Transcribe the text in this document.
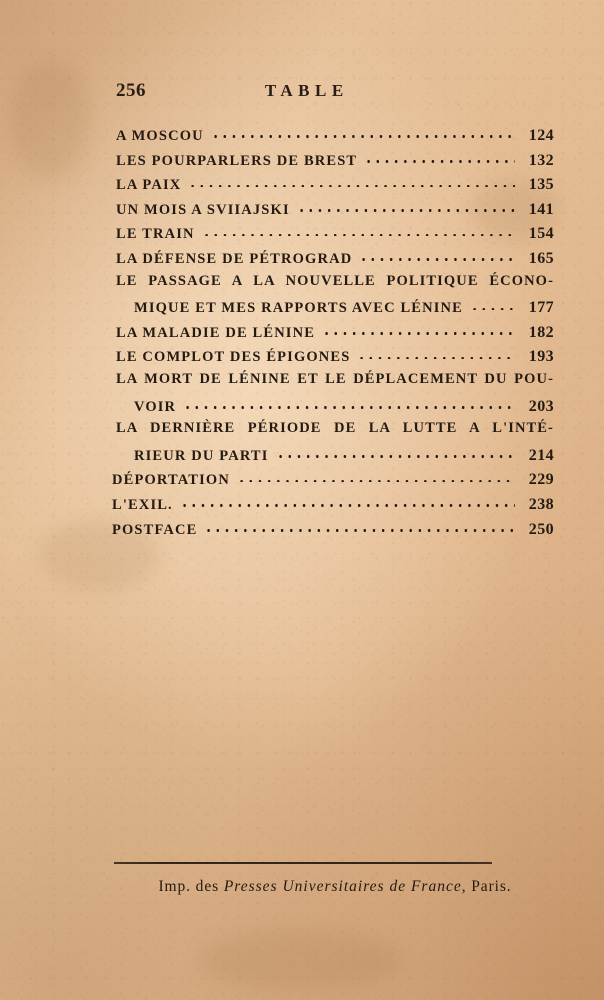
256	TABLE
A MOSCOU	124
LES POURPARLERS DE BREST	132
LA PAIX	135
UN MOIS A SVIIAJSKI	141
LE TRAIN	154
LA DÉFENSE DE PÉTROGRAD	165
LE PASSAGE A LA NOUVELLE POLITIQUE ÉCONO-
MIQUE ET MES RAPPORTS AVEC LÉNINE	177
LA MALADIE DE LÉNINE	182
LE COMPLOT DES ÉPIGONES	193
LA MORT DE LÉNINE ET LE DÉPLACEMENT DU POU-
VOIR	203
LA DERNIÈRE PÉRIODE DE LA LUTTE A L'INTÉ-
RIEUR DU PARTI	214
DÉPORTATION	229
L'EXIL.	238
POSTFACE	250
Imp. des Presses Universitaires de France, Paris.
